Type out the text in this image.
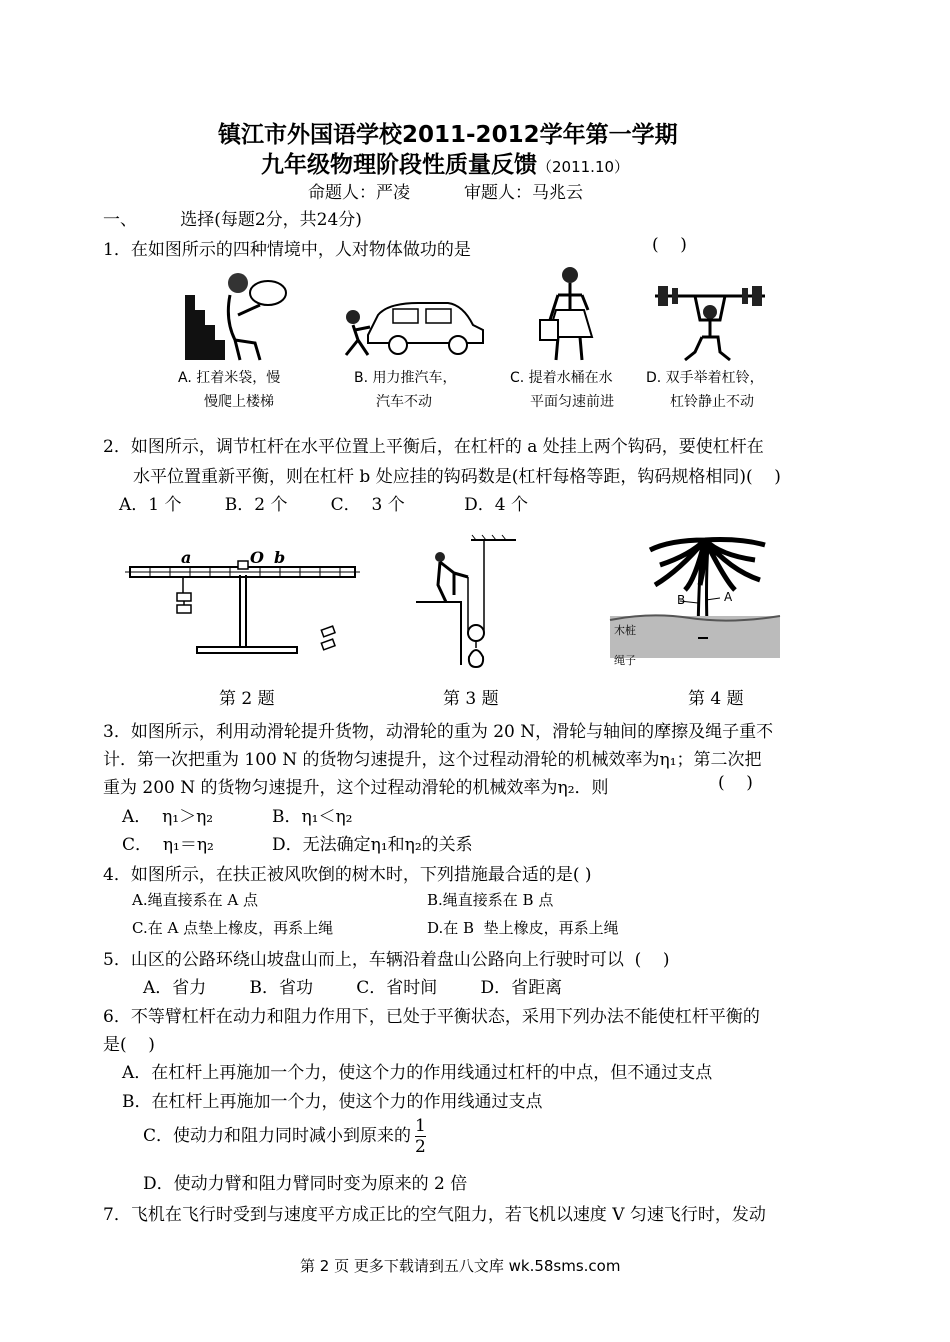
镇江市外国语学校2011-2012学年第一学期
九年级物理阶段性质量反馈（2011.10）
命题人：严凌          审题人：马兆云
一、        选择(每题2分，共24分)
1．在如图所示的四种情境中，人对物体做功的是	(    )
A. 扛着米袋，慢
慢爬上楼梯
B. 用力推汽车，
汽车不动
C. 提着水桶在水
平面匀速前进
D. 双手举着杠铃，
杠铃静止不动
2．如图所示，调节杠杆在水平位置上平衡后，在杠杆的 a 处挂上两个钩码，要使杠杆在
水平位置重新平衡，则在杠杆 b 处应挂的钩码数是(杠杆每格等距，钩码规格相同)(    )
A．1 个        B．2 个        C．  3 个           D．4 个
a	O b
B	A
木桩
绳子
第 2 题	第 3 题	第 4 题
3．如图所示，利用动滑轮提升货物，动滑轮的重为 20 N，滑轮与轴间的摩擦及绳子重不
计．第一次把重为 100 N 的货物匀速提升，这个过程动滑轮的机械效率为η₁；第二次把
重为 200 N 的货物匀速提升，这个过程动滑轮的机械效率为η₂．则	(    )
A．  η₁＞η₂	B．η₁＜η₂
C．  η₁＝η₂	D．无法确定η₁和η₂的关系
4．如图所示，在扶正被风吹倒的树木时，下列措施最合适的是( )
A.绳直接系在 A 点	B.绳直接系在 B 点
C.在 A 点垫上橡皮，再系上绳	D.在 B  垫上橡皮，再系上绳
5．山区的公路环绕山坡盘山而上，车辆沿着盘山公路向上行驶时可以  (    )
A．省力        B．省功        C．省时间        D．省距离
6．不等臂杠杆在动力和阻力作用下，已处于平衡状态，采用下列办法不能使杠杆平衡的
是(    )
A．在杠杆上再施加一个力，使这个力的作用线通过杠杆的中点，但不通过支点
B．在杠杆上再施加一个力，使这个力的作用线通过支点
C．使动力和阻力同时减小到原来的 $\frac{1}{2}$
D．使动力臂和阻力臂同时变为原来的 2 倍
7．飞机在飞行时受到与速度平方成正比的空气阻力，若飞机以速度 V 匀速飞行时，发动
第 2 页 更多下载请到五八文库 wk.58sms.com
